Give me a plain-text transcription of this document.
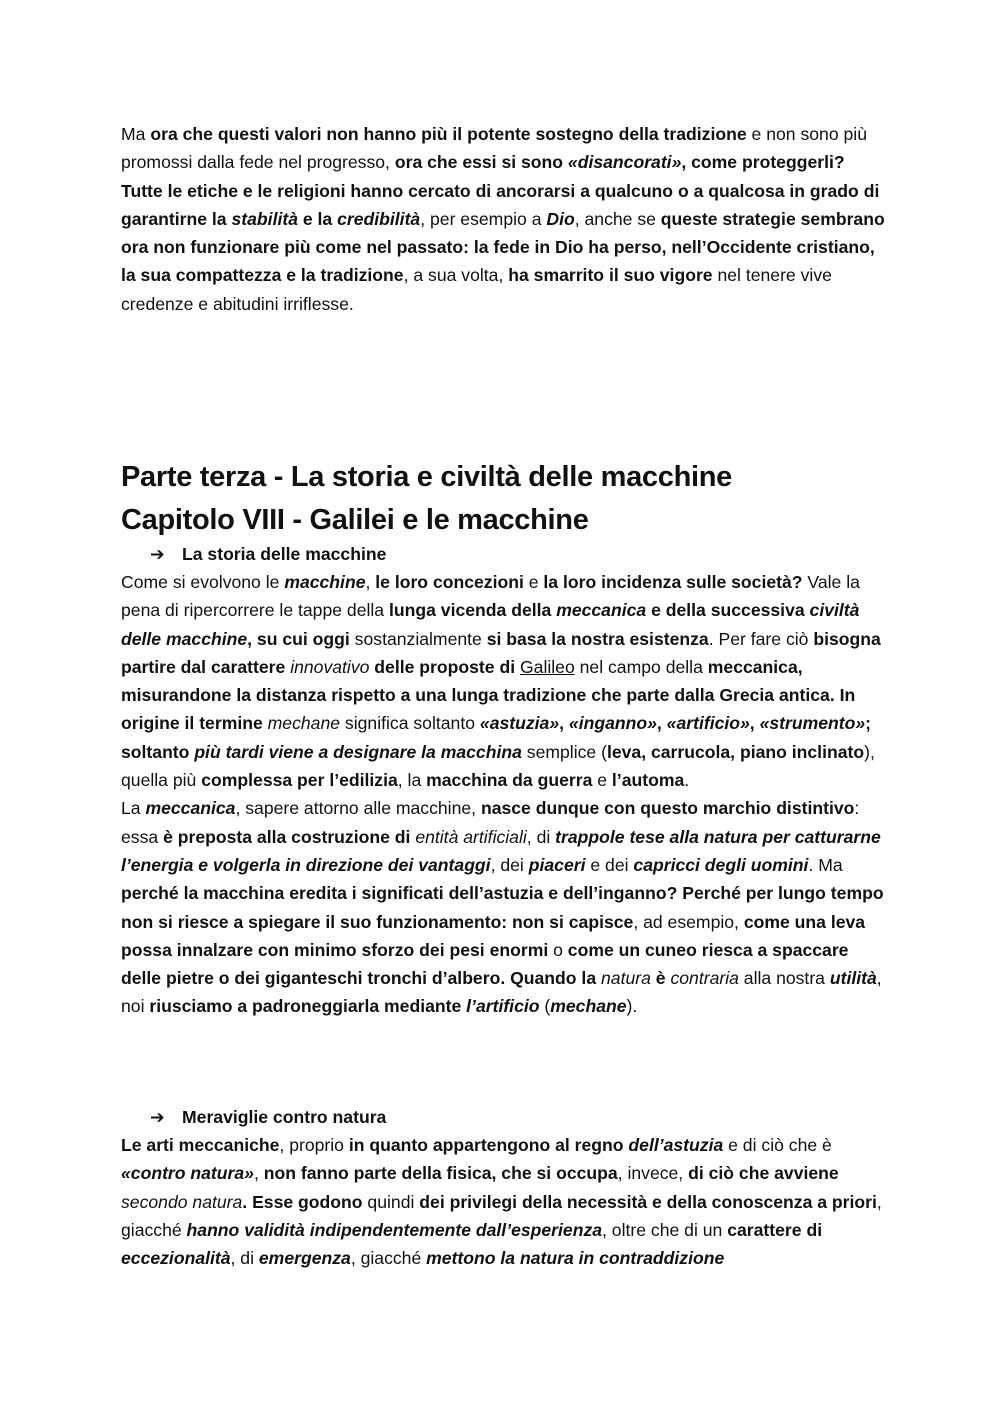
Ma ora che questi valori non hanno più il potente sostegno della tradizione e non sono più promossi dalla fede nel progresso, ora che essi si sono «disancorati», come proteggerli? Tutte le etiche e le religioni hanno cercato di ancorarsi a qualcuno o a qualcosa in grado di garantirne la stabilità e la credibilità, per esempio a Dio, anche se queste strategie sembrano ora non funzionare più come nel passato: la fede in Dio ha perso, nell’Occidente cristiano, la sua compattezza e la tradizione, a sua volta, ha smarrito il suo vigore nel tenere vive credenze e abitudini irriflesse.

Parte terza - La storia e civiltà delle macchine
Capitolo VIII - Galilei e le macchine

➔ La storia delle macchine

Come si evolvono le macchine, le loro concezioni e la loro incidenza sulle società? Vale la pena di ripercorrere le tappe della lunga vicenda della meccanica e della successiva civiltà delle macchine, su cui oggi sostanzialmente si basa la nostra esistenza. Per fare ciò bisogna partire dal carattere innovativo delle proposte di Galileo nel campo della meccanica, misurandone la distanza rispetto a una lunga tradizione che parte dalla Grecia antica. In origine il termine mechane significa soltanto «astuzia», «inganno», «artificio», «strumento»; soltanto più tardi viene a designare la macchina semplice (leva, carrucola, piano inclinato), quella più complessa per l’edilizia, la macchina da guerra e l’automa.
La meccanica, sapere attorno alle macchine, nasce dunque con questo marchio distintivo: essa è preposta alla costruzione di entità artificiali, di trappole tese alla natura per catturarne l’energia e volgerla in direzione dei vantaggi, dei piaceri e dei capricci degli uomini. Ma perché la macchina eredita i significati dell’astuzia e dell’inganno? Perché per lungo tempo non si riesce a spiegare il suo funzionamento: non si capisce, ad esempio, come una leva possa innalzare con minimo sforzo dei pesi enormi o come un cuneo riesca a spaccare delle pietre o dei giganteschi tronchi d’albero. Quando la natura è contraria alla nostra utilità, noi riusciamo a padroneggiarla mediante l’artificio (mechane).

➔ Meraviglie contro natura

Le arti meccaniche, proprio in quanto appartengono al regno dell’astuzia e di ciò che è «contro natura», non fanno parte della fisica, che si occupa, invece, di ciò che avviene secondo natura. Esse godono quindi dei privilegi della necessità e della conoscenza a priori, giacché hanno validità indipendentemente dall’esperienza, oltre che di un carattere di eccezionalità, di emergenza, giacché mettono la natura in contraddizione
